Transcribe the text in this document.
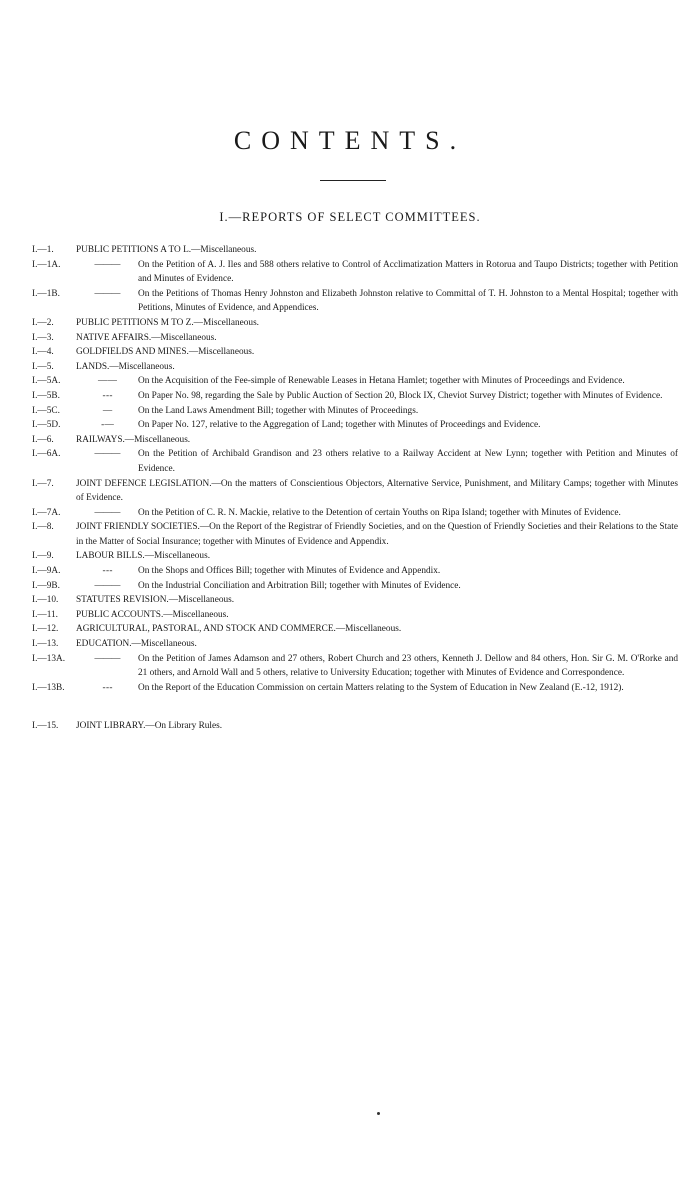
CONTENTS.
I.—REPORTS OF SELECT COMMITTEES.
I.—1.	PUBLIC PETITIONS A TO L.—Miscellaneous.
I.—1A.	———	On the Petition of A. J. Iles and 588 others relative to Control of Acclimatization Matters in Rotorua and Taupo Districts; together with Petition and Minutes of Evidence.
I.—1B.	———	On the Petitions of Thomas Henry Johnston and Elizabeth Johnston relative to Committal of T. H. Johnston to a Mental Hospital; together with Petitions, Minutes of Evidence, and Appendices.
I.—2.	PUBLIC PETITIONS M TO Z.—Miscellaneous.
I.—3.	NATIVE AFFAIRS.—Miscellaneous.
I.—4.	GOLDFIELDS AND MINES.—Miscellaneous.
I.—5.	LANDS.—Miscellaneous.
I.—5A.	— —	On the Acquisition of the Fee-simple of Renewable Leases in Hetana Hamlet; together with Minutes of Proceedings and Evidence.
I.—5B.	- - -	On Paper No. 98, regarding the Sale by Public Auction of Section 20, Block IX, Cheviot Survey District; together with Minutes of Evidence.
I.—5C.	—	On the Land Laws Amendment Bill; together with Minutes of Proceedings.
I.—5D.	- —	On Paper No. 127, relative to the Aggregation of Land; together with Minutes of Proceedings and Evidence.
I.—6.	RAILWAYS.—Miscellaneous.
I.—6A.	———	On the Petition of Archibald Grandison and 23 others relative to a Railway Accident at New Lynn; together with Petition and Minutes of Evidence.
I.—7.	JOINT DEFENCE LEGISLATION.—On the matters of Conscientious Objectors, Alternative Service, Punishment, and Military Camps; together with Minutes of Evidence.
I.—7A.	———	On the Petition of C. R. N. Mackie, relative to the Detention of certain Youths on Ripa Island; together with Minutes of Evidence.
I.—8.	JOINT FRIENDLY SOCIETIES.—On the Report of the Registrar of Friendly Societies, and on the Question of Friendly Societies and their Relations to the State in the Matter of Social Insurance; together with Minutes of Evidence and Appendix.
I.—9.	LABOUR BILLS.—Miscellaneous.
I.—9A.	- - -	On the Shops and Offices Bill; together with Minutes of Evidence and Appendix.
I.—9B.	———	On the Industrial Conciliation and Arbitration Bill; together with Minutes of Evidence.
I.—10.	STATUTES REVISION.—Miscellaneous.
I.—11.	PUBLIC ACCOUNTS.—Miscellaneous.
I.—12.	AGRICULTURAL, PASTORAL, AND STOCK AND COMMERCE.—Miscellaneous.
I.—13.	EDUCATION.—Miscellaneous.
I.—13A.	———	On the Petition of James Adamson and 27 others, Robert Church and 23 others, Kenneth J. Dellow and 84 others, Hon. Sir G. M. O'Rorke and 21 others, and Arnold Wall and 5 others, relative to University Education; together with Minutes of Evidence and Correspondence.
I.—13B.	- - -	On the Report of the Education Commission on certain Matters relating to the System of Education in New Zealand (E.-12, 1912).
I.—15.	JOINT LIBRARY.—On Library Rules.
